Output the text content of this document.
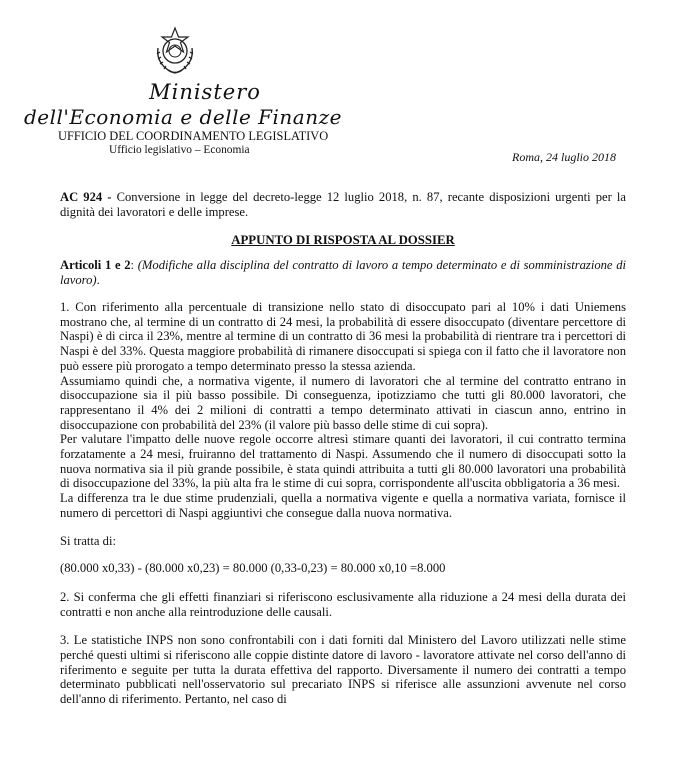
Ministero
dell'Economia e delle Finanze
UFFICIO DEL COORDINAMENTO LEGISLATIVO
Ufficio legislativo – Economia	Roma, 24 luglio 2018

AC 924 - Conversione in legge del decreto-legge 12 luglio 2018, n. 87, recante disposizioni urgenti per la dignità dei lavoratori e delle imprese.

APPUNTO DI RISPOSTA AL DOSSIER
Articoli 1 e 2: (Modifiche alla disciplina del contratto di lavoro a tempo determinato e di somministrazione di lavoro).

1. Con riferimento alla percentuale di transizione nello stato di disoccupato pari al 10% i dati Uniemens mostrano che, al termine di un contratto di 24 mesi, la probabilità di essere disoccupato (diventare percettore di Naspi) è di circa il 23%, mentre al termine di un contratto di 36 mesi la probabilità di rientrare tra i percettori di Naspi è del 33%. Questa maggiore probabilità di rimanere disoccupati si spiega con il fatto che il lavoratore non può essere più prorogato a tempo determinato presso la stessa azienda.

Assumiamo quindi che, a normativa vigente, il numero di lavoratori che al termine del contratto entrano in disoccupazione sia il più basso possibile. Di conseguenza, ipotizziamo che tutti gli 80.000 lavoratori, che rappresentano il 4% dei 2 milioni di contratti a tempo determinato attivati in ciascun anno, entrino in disoccupazione con probabilità del 23% (il valore più basso delle stime di cui sopra).

Per valutare l'impatto delle nuove regole occorre altresì stimare quanti dei lavoratori, il cui contratto termina forzatamente a 24 mesi, fruiranno del trattamento di Naspi. Assumendo che il numero di disoccupati sotto la nuova normativa sia il più grande possibile, è stata quindi attribuita a tutti gli 80.000 lavoratori una probabilità di disoccupazione del 33%, la più alta fra le stime di cui sopra, corrispondente all'uscita obbligatoria a 36 mesi.

La differenza tra le due stime prudenziali, quella a normativa vigente e quella a normativa variata, fornisce il numero di percettori di Naspi aggiuntivi che consegue dalla nuova normativa.

Si tratta di:

(80.000 x0,33) - (80.000 x0,23) = 80.000 (0,33-0,23) = 80.000 x0,10 =8.000

2. Si conferma che gli effetti finanziari si riferiscono esclusivamente alla riduzione a 24 mesi della durata dei contratti e non anche alla reintroduzione delle causali.

3. Le statistiche INPS non sono confrontabili con i dati forniti dal Ministero del Lavoro utilizzati nelle stime perché questi ultimi si riferiscono alle coppie distinte datore di lavoro - lavoratore attivate nel corso dell'anno di riferimento e seguite per tutta la durata effettiva del rapporto. Diversamente il numero dei contratti a tempo determinato pubblicati nell'osservatorio sul precariato INPS si riferisce alle assunzioni avvenute nel corso dell'anno di riferimento. Pertanto, nel caso di
